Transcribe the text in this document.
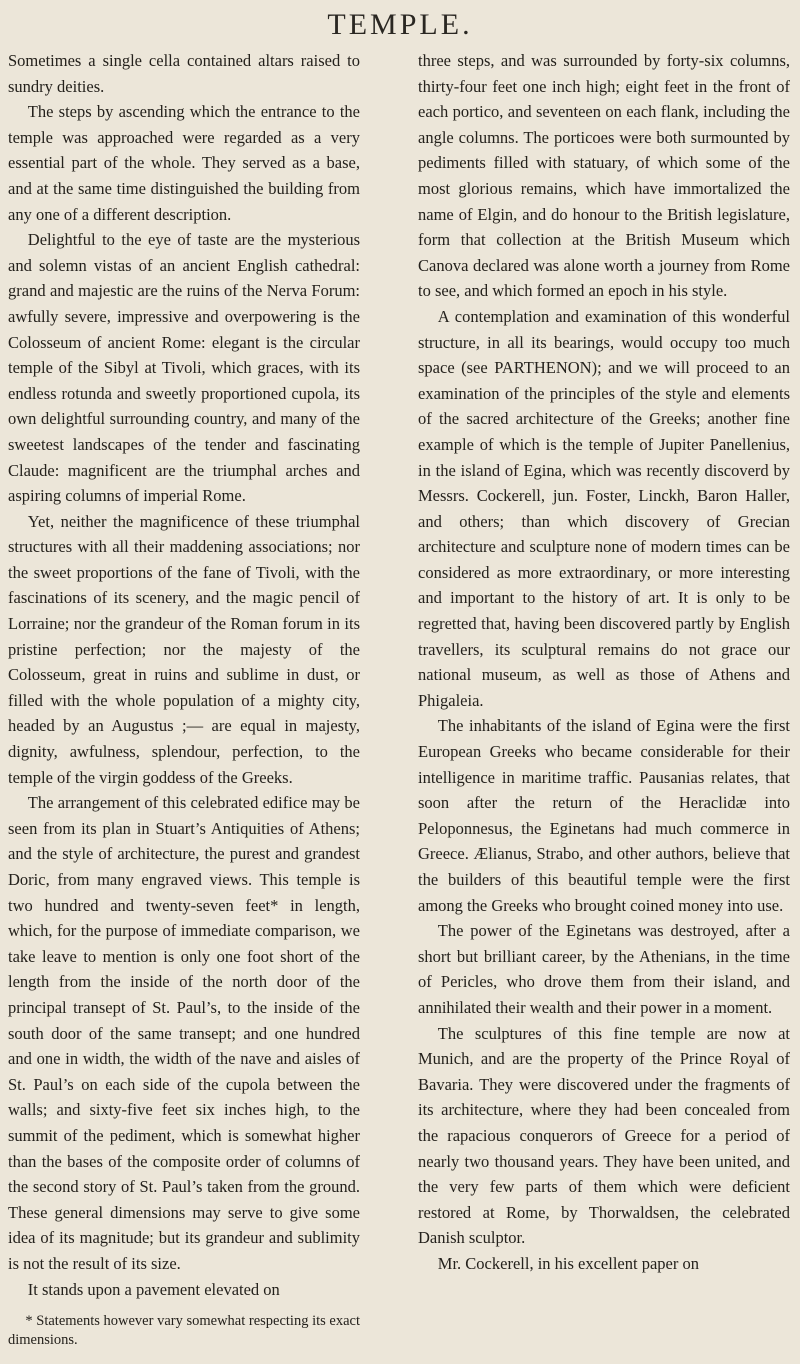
TEMPLE.

Sometimes a single cella contained altars raised to sundry deities.

The steps by ascending which the entrance to the temple was approached were regarded as a very essential part of the whole. They served as a base, and at the same time distinguished the building from any one of a different description.

Delightful to the eye of taste are the mysterious and solemn vistas of an ancient English cathedral: grand and majestic are the ruins of the Nerva Forum: awfully severe, impressive and overpowering is the Colosseum of ancient Rome: elegant is the circular temple of the Sibyl at Tivoli, which graces, with its endless rotunda and sweetly proportioned cupola, its own delightful surrounding country, and many of the sweetest landscapes of the tender and fascinating Claude: magnificent are the triumphal arches and aspiring columns of imperial Rome.

Yet, neither the magnificence of these triumphal structures with all their maddening associations; nor the sweet proportions of the fane of Tivoli, with the fascinations of its scenery, and the magic pencil of Lorraine; nor the grandeur of the Roman forum in its pristine perfection; nor the majesty of the Colosseum, great in ruins and sublime in dust, or filled with the whole population of a mighty city, headed by an Augustus ;— are equal in majesty, dignity, awfulness, splendour, perfection, to the temple of the virgin goddess of the Greeks.

The arrangement of this celebrated edifice may be seen from its plan in Stuart’s Antiquities of Athens; and the style of architecture, the purest and grandest Doric, from many engraved views. This temple is two hundred and twenty-seven feet* in length, which, for the purpose of immediate comparison, we take leave to mention is only one foot short of the length from the inside of the north door of the principal transept of St. Paul’s, to the inside of the south door of the same transept; and one hundred and one in width, the width of the nave and aisles of St. Paul’s on each side of the cupola between the walls; and sixty-five feet six inches high, to the summit of the pediment, which is somewhat higher than the bases of the composite order of columns of the second story of St. Paul’s taken from the ground. These general dimensions may serve to give some idea of its magnitude; but its grandeur and sublimity is not the result of its size.

It stands upon a pavement elevated on

* Statements however vary somewhat respecting its exact dimensions.

three steps, and was surrounded by forty-six columns, thirty-four feet one inch high; eight feet in the front of each portico, and seventeen on each flank, including the angle columns. The porticoes were both surmounted by pediments filled with statuary, of which some of the most glorious remains, which have immortalized the name of Elgin, and do honour to the British legislature, form that collection at the British Museum which Canova declared was alone worth a journey from Rome to see, and which formed an epoch in his style.

A contemplation and examination of this wonderful structure, in all its bearings, would occupy too much space (see PARTHENON); and we will proceed to an examination of the principles of the style and elements of the sacred architecture of the Greeks; another fine example of which is the temple of Jupiter Panellenius, in the island of Egina, which was recently discoverd by Messrs. Cockerell, jun. Foster, Linckh, Baron Haller, and others; than which discovery of Grecian architecture and sculpture none of modern times can be considered as more extraordinary, or more interesting and important to the history of art. It is only to be regretted that, having been discovered partly by English travellers, its sculptural remains do not grace our national museum, as well as those of Athens and Phigaleia.

The inhabitants of the island of Egina were the first European Greeks who became considerable for their intelligence in maritime traffic. Pausanias relates, that soon after the return of the Heraclidæ into Peloponnesus, the Eginetans had much commerce in Greece. Ælianus, Strabo, and other authors, believe that the builders of this beautiful temple were the first among the Greeks who brought coined money into use.

The power of the Eginetans was destroyed, after a short but brilliant career, by the Athenians, in the time of Pericles, who drove them from their island, and annihilated their wealth and their power in a moment.

The sculptures of this fine temple are now at Munich, and are the property of the Prince Royal of Bavaria. They were discovered under the fragments of its architecture, where they had been concealed from the rapacious conquerors of Greece for a period of nearly two thousand years. They have been united, and the very few parts of them which were deficient restored at Rome, by Thorwaldsen, the celebrated Danish sculptor.

Mr. Cockerell, in his excellent paper on
